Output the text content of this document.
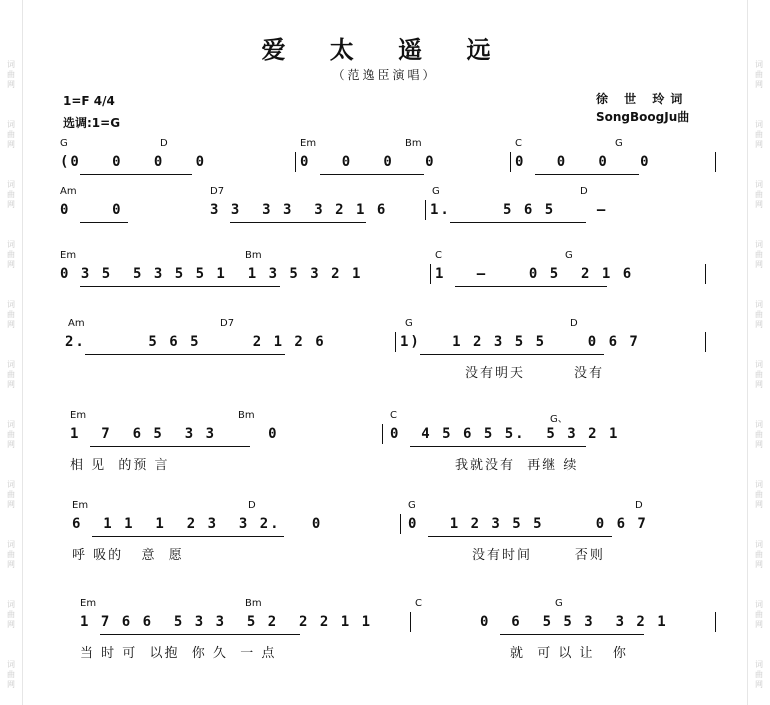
词
曲
网
词
曲
网
词
曲
网
词
曲
网
词
曲
网
词
曲
网
词
曲
网
词
曲
网
词
曲
网
词
曲
网
词
曲
网
词
曲
网
词
曲
网
词
曲
网
词
曲
网
词
曲
网
词
曲
网
词
曲
网
词
曲
网
词
曲
网
词
曲
网
词
曲
网
爱 太 遥 远
（范逸臣演唱）
1=F 4/4
选调:1=G
徐 世 玲词
SongBoogJu曲
G	D	Em	Bm	C	G
(0   0   0   0	0   0   0   0	0   0   0   0
Am	D7	G	D
0    0	3 3  3 3  3 2 1 6	1.     5 6 5    –
Em	Bm	C	G
0 3 5  5 3 5 5 1  1 3 5 3 2 1	1   –    0 5  2 1 6
Am	D7	G	D
2.      5 6 5     2 1 2 6	1)   1 2 3 5 5    0 6 7
没有明天        没有
Em	Bm	C	G、
1  7  6 5  3 3     0	0  4 5 6 5 5.  5 3 2 1
相 见  的预 言	我就没有  再继 续
Em	D	G	D
6  1 1  1  2 3  3 2.   0	0   1 2 3 5 5     0 6 7
呼 吸的   意  愿	没有时间       否则
Em	Bm	C	G
1 7 6 6  5 3 3  5 2  2 2 1 1	0  6  5 5 3  3 2 1
当 时 可  以抱  你 久  一 点	就  可 以 让   你
